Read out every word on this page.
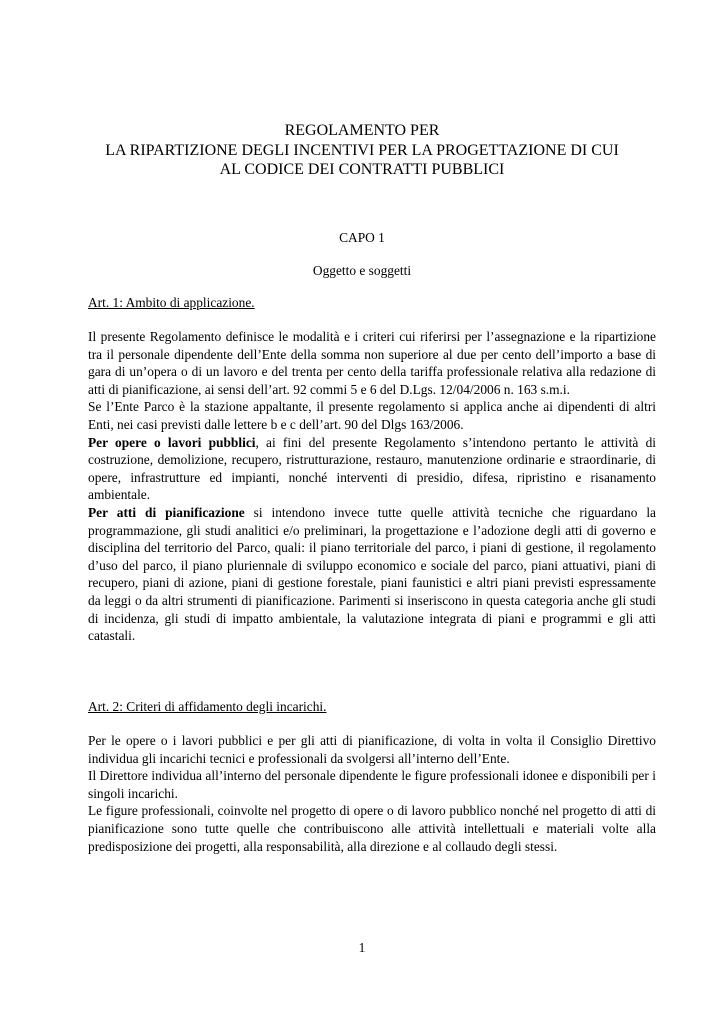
REGOLAMENTO PER
LA RIPARTIZIONE DEGLI INCENTIVI PER LA PROGETTAZIONE DI CUI
AL CODICE DEI CONTRATTI PUBBLICI
CAPO 1
Oggetto e soggetti
Art. 1: Ambito di applicazione.

Il presente Regolamento definisce le modalità e i criteri cui riferirsi per l’assegnazione e la ripartizione tra il personale dipendente dell’Ente della somma non superiore al due per cento dell’importo a base di gara di un’opera o di un lavoro e del trenta per cento della tariffa professionale relativa alla redazione di atti di pianificazione, ai sensi dell’art. 92 commi 5 e 6 del D.Lgs. 12/04/2006 n. 163 s.m.i.

Se l’Ente Parco è la stazione appaltante, il presente regolamento si applica anche ai dipendenti di altri Enti, nei casi previsti dalle lettere b e c dell’art. 90 del Dlgs 163/2006.

Per opere o lavori pubblici, ai fini del presente Regolamento s’intendono pertanto le attività di costruzione, demolizione, recupero, ristrutturazione, restauro, manutenzione ordinarie e straordinarie, di opere, infrastrutture ed impianti, nonché interventi di presidio, difesa, ripristino e risanamento ambientale.

Per atti di pianificazione si intendono invece tutte quelle attività tecniche che riguardano la programmazione, gli studi analitici e/o preliminari, la progettazione e l’adozione degli atti di governo e disciplina del territorio del Parco, quali: il piano territoriale del parco, i piani di gestione, il regolamento d’uso del parco, il piano pluriennale di sviluppo economico e sociale del parco, piani attuativi, piani di recupero, piani di azione, piani di gestione forestale, piani faunistici e altri piani previsti espressamente da leggi o da altri strumenti di pianificazione. Parimenti si inseriscono in questa categoria anche gli studi di incidenza, gli studi di impatto ambientale, la valutazione integrata di piani e programmi e gli atti catastali.

Art. 2: Criteri di affidamento degli incarichi.

Per le opere o i lavori pubblici e per gli atti di pianificazione, di volta in volta il Consiglio Direttivo individua gli incarichi tecnici e professionali da svolgersi all’interno dell’Ente.

Il Direttore individua all’interno del personale dipendente le figure professionali idonee e disponibili per i singoli incarichi.

Le figure professionali, coinvolte nel progetto di opere o di lavoro pubblico nonché nel progetto di atti di pianificazione sono tutte quelle che contribuiscono alle attività intellettuali e materiali volte alla predisposizione dei progetti, alla responsabilità, alla direzione e al collaudo degli stessi.

1
